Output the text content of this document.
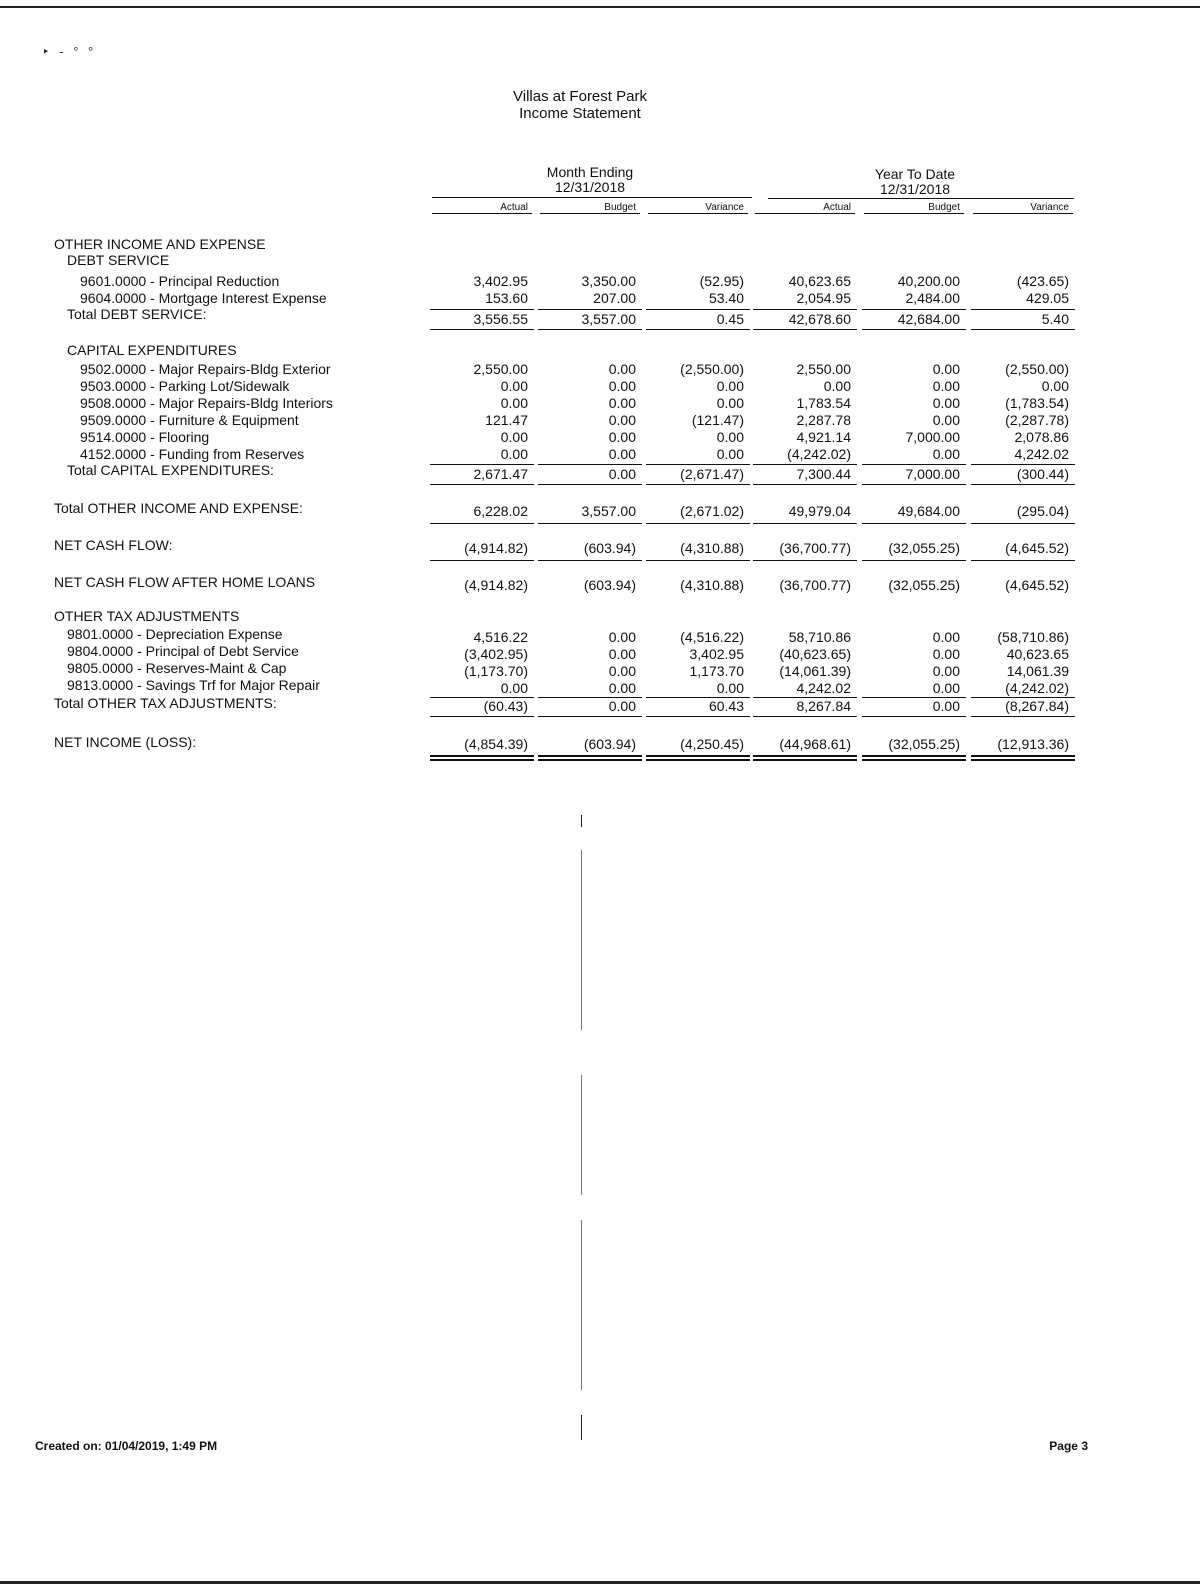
‣ - ° °
Villas at Forest Park
Income Statement
Month Ending
12/31/2018
Year To Date
12/31/2018
Actual	Budget	Variance	Actual	Budget	Variance
OTHER INCOME AND EXPENSE
DEBT SERVICE
9601.0000 - Principal Reduction	3,402.95	3,350.00	(52.95)	40,623.65	40,200.00	(423.65)
9604.0000 - Mortgage Interest Expense	153.60	207.00	53.40	2,054.95	2,484.00	429.05
Total DEBT SERVICE:	3,556.55	3,557.00	0.45	42,678.60	42,684.00	5.40
CAPITAL EXPENDITURES
9502.0000 - Major Repairs-Bldg Exterior	2,550.00	0.00	(2,550.00)	2,550.00	0.00	(2,550.00)
9503.0000 - Parking Lot/Sidewalk	0.00	0.00	0.00	0.00	0.00	0.00
9508.0000 - Major Repairs-Bldg Interiors	0.00	0.00	0.00	1,783.54	0.00	(1,783.54)
9509.0000 - Furniture & Equipment	121.47	0.00	(121.47)	2,287.78	0.00	(2,287.78)
9514.0000 - Flooring	0.00	0.00	0.00	4,921.14	7,000.00	2,078.86
4152.0000 - Funding from Reserves	0.00	0.00	0.00	(4,242.02)	0.00	4,242.02
Total CAPITAL EXPENDITURES:	2,671.47	0.00	(2,671.47)	7,300.44	7,000.00	(300.44)
Total OTHER INCOME AND EXPENSE:	6,228.02	3,557.00	(2,671.02)	49,979.04	49,684.00	(295.04)
NET CASH FLOW:	(4,914.82)	(603.94)	(4,310.88)	(36,700.77)	(32,055.25)	(4,645.52)
NET CASH FLOW AFTER HOME LOANS	(4,914.82)	(603.94)	(4,310.88)	(36,700.77)	(32,055.25)	(4,645.52)
OTHER TAX ADJUSTMENTS
9801.0000 - Depreciation Expense	4,516.22	0.00	(4,516.22)	58,710.86	0.00	(58,710.86)
9804.0000 - Principal of Debt Service	(3,402.95)	0.00	3,402.95	(40,623.65)	0.00	40,623.65
9805.0000 - Reserves-Maint & Cap	(1,173.70)	0.00	1,173.70	(14,061.39)	0.00	14,061.39
9813.0000 - Savings Trf for Major Repair	0.00	0.00	0.00	4,242.02	0.00	(4,242.02)
Total OTHER TAX ADJUSTMENTS:	(60.43)	0.00	60.43	8,267.84	0.00	(8,267.84)
NET INCOME (LOSS):	(4,854.39)	(603.94)	(4,250.45)	(44,968.61)	(32,055.25)	(12,913.36)
Created on: 01/04/2019, 1:49 PM	Page 3
